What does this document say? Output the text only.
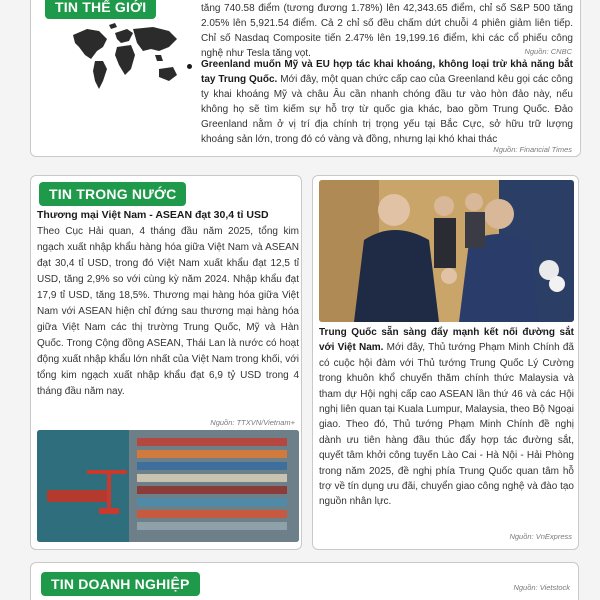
TIN THẾ GIỚI	tăng 740.58 điểm (tương đương 1.78%) lên 42,343.65 điểm, chỉ số S&P 500 tăng 2.05% lên 5,921.54 điểm. Cả 2 chỉ số đều chấm dứt chuỗi 4 phiên giảm liên tiếp. Chỉ số Nasdaq Composite tiến 2.47% lên 19,199.16 điểm, khi các cổ phiếu công nghệ như Tesla tăng vọt.	Nguồn: CNBC

Greenland muốn Mỹ và EU hợp tác khai khoáng, không loại trừ khả năng bắt tay Trung Quốc. Mới đây, một quan chức cấp cao của Greenland kêu gọi các công ty khai khoáng Mỹ và châu Âu cần nhanh chóng đầu tư vào hòn đảo này, nếu không họ sẽ tìm kiếm sự hỗ trợ từ quốc gia khác, bao gồm Trung Quốc. Đảo Greenland nằm ở vị trí địa chính trị trọng yếu tại Bắc Cực, sở hữu trữ lượng khoáng sản lớn, trong đó có vàng và đồng, nhưng lại khó khai thác

Nguồn: Financial Times
TIN TRONG NƯỚC
Thương mại Việt Nam - ASEAN đạt 30,4 tỉ USD

Theo Cục Hải quan, 4 tháng đầu năm 2025, tổng kim ngạch xuất nhập khẩu hàng hóa giữa Việt Nam và ASEAN đạt 30,4 tỉ USD, trong đó Việt Nam xuất khẩu đạt 12,5 tỉ USD, tăng 2,9% so với cùng kỳ năm 2024. Nhập khẩu đạt 17,9 tỉ USD, tăng 18,5%. Thương mại hàng hóa giữa Việt Nam với ASEAN hiện chỉ đứng sau thương mại hàng hóa giữa Việt Nam các thị trường Trung Quốc, Mỹ và Hàn Quốc. Trong Cộng đồng ASEAN, Thái Lan là nước có hoạt động xuất nhập khẩu lớn nhất của Việt Nam trong khối, với tổng kim ngạch xuất nhập khẩu đạt 6,9 tỷ USD trong 4 tháng đầu năm nay.

Nguồn: TTXVN/Vietnam+

Trung Quốc sẵn sàng đẩy mạnh kết nối đường sắt với Việt Nam. Mới đây, Thủ tướng Phạm Minh Chính đã có cuộc hội đàm với Thủ tướng Trung Quốc Lý Cường trong khuôn khổ chuyến thăm chính thức Malaysia và tham dự Hội nghị cấp cao ASEAN lần thứ 46 và các Hội nghị liên quan tại Kuala Lumpur, Malaysia, theo Bộ Ngoại giao. Theo đó, Thủ tướng Phạm Minh Chính đề nghị dành ưu tiên hàng đầu thúc đẩy hợp tác đường sắt, quyết tâm khởi công tuyến Lào Cai - Hà Nội - Hải Phòng trong năm 2025, đề nghị phía Trung Quốc quan tâm hỗ trợ về tín dụng ưu đãi, chuyển giao công nghệ và đào tạo nguồn nhân lực.

Nguồn: VnExpress
TIN DOANH NGHIỆP	Nguồn: Vietstock
